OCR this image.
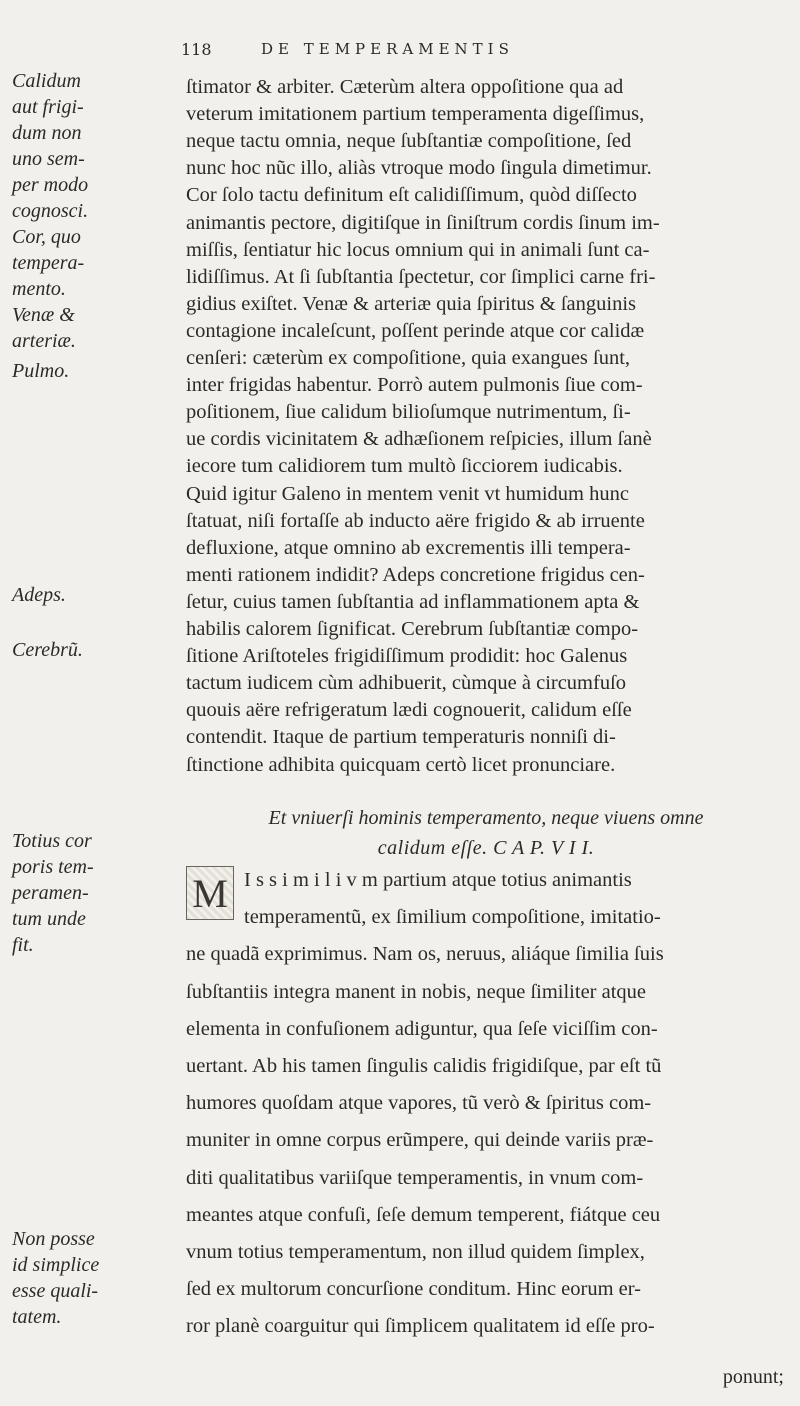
118	DE TEMPERAMENTIS
Calidum
aut frigi-
dum non
uno sem-
per modo
cognosci.
Cor, quo
tempera-
mento.
Venæ &
arteriæ.
Pulmo.
Adeps.
Cerebrũ.
Totius cor
poris tem-
peramen-
tum unde
fit.
Non posse
id simplice
esse quali-
tatem.
ſtimator & arbiter. Cæterùm altera oppoſitione qua ad
veterum imitationem partium temperamenta digeſſimus,
neque tactu omnia, neque ſubſtantiæ compoſitione, ſed
nunc hoc nũc illo, aliàs vtroque modo ſingula dimetimur.
Cor ſolo tactu definitum eſt calidiſſimum, quòd diſſecto
animantis pectore, digitiſque in ſiniſtrum cordis ſinum im-
miſſis, ſentiatur hic locus omnium qui in animali ſunt ca-
lidiſſimus. At ſi ſubſtantia ſpectetur, cor ſimplici carne fri-
gidius exiſtet. Venæ & arteriæ quia ſpiritus & ſanguinis
contagione incaleſcunt, poſſent perinde atque cor calidæ
cenſeri: cæterùm ex compoſitione, quia exangues ſunt,
inter frigidas habentur. Porrò autem pulmonis ſiue com-
poſitionem, ſiue calidum bilioſumque nutrimentum, ſi-
ue cordis vicinitatem & adhæſionem reſpicies, illum ſanè
iecore tum calidiorem tum multò ſicciorem iudicabis.
Quid igitur Galeno in mentem venit vt humidum hunc
ſtatuat, niſi fortaſſe ab inducto aëre frigido & ab irruente
defluxione, atque omnino ab excrementis illi tempera-
menti rationem indidit? Adeps concretione frigidus cen-
ſetur, cuius tamen ſubſtantia ad inflammationem apta &
habilis calorem ſignificat. Cerebrum ſubſtantiæ compo-
ſitione Ariſtoteles frigidiſſimum prodidit: hoc Galenus
tactum iudicem cùm adhibuerit, cùmque à circumfuſo
quouis aëre refrigeratum lædi cognouerit, calidum eſſe
contendit. Itaque de partium temperaturis nonniſi di-
ſtinctione adhibita quicquam certò licet pronunciare.
Et vniuerſi hominis temperamento, neque viuens omne
calidum eſſe. C A P. V I I.
M I s s i m i l i v m partium atque totius animantis
temperamentũ, ex ſimilium compoſitione, imitatio-
ne quadã exprimimus. Nam os, neruus, aliáque ſimilia ſuis
ſubſtantiis integra manent in nobis, neque ſimiliter atque
elementa in confuſionem adiguntur, qua ſeſe viciſſim con-
uertant. Ab his tamen ſingulis calidis frigidiſque, par eſt tũ
humores quoſdam atque vapores, tũ verò & ſpiritus com-
muniter in omne corpus erũmpere, qui deinde variis præ-
diti qualitatibus variiſque temperamentis, in vnum com-
meantes atque confuſi, ſeſe demum temperent, fiátque ceu
vnum totius temperamentum, non illud quidem ſimplex,
ſed ex multorum concurſione conditum. Hinc eorum er-
ror planè coarguitur qui ſimplicem qualitatem id eſſe pro-
ponunt;
